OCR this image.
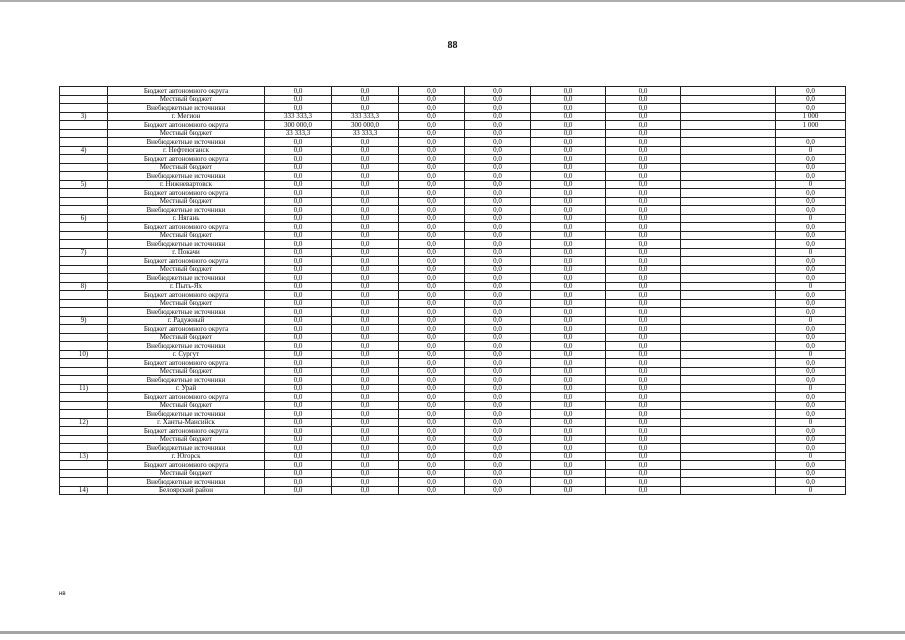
88
	Бюджет автономного округа	0,0	0,0	0,0	0,0	0,0	0,0		0,0
	Местный бюджет	0,0	0,0	0,0	0,0	0,0	0,0		0,0
	Внебюджетные источники	0,0	0,0	0,0	0,0	0,0	0,0		0,0
3)	г. Мегион	333 333,3	333 333,3	0,0	0,0	0,0	0,0		1 000
	Бюджет автономного округа	300 000,0	300 000,0	0,0	0,0	0,0	0,0		1 000
	Местный бюджет	33 333,3	33 333,3	0,0	0,0	0,0	0,0		
	Внебюджетные источники	0,0	0,0	0,0	0,0	0,0	0,0		0,0
4)	г. Нефтеюганск	0,0	0,0	0,0	0,0	0,0	0,0		0
	Бюджет автономного округа	0,0	0,0	0,0	0,0	0,0	0,0		0,0
	Местный бюджет	0,0	0,0	0,0	0,0	0,0	0,0		0,0
	Внебюджетные источники	0,0	0,0	0,0	0,0	0,0	0,0		0,0
5)	г. Нижневартовск	0,0	0,0	0,0	0,0	0,0	0,0		0
	Бюджет автономного округа	0,0	0,0	0,0	0,0	0,0	0,0		0,0
	Местный бюджет	0,0	0,0	0,0	0,0	0,0	0,0		0,0
	Внебюджетные источники	0,0	0,0	0,0	0,0	0,0	0,0		0,0
6)	г. Нягань	0,0	0,0	0,0	0,0	0,0	0,0		0
	Бюджет автономного округа	0,0	0,0	0,0	0,0	0,0	0,0		0,0
	Местный бюджет	0,0	0,0	0,0	0,0	0,0	0,0		0,0
	Внебюджетные источники	0,0	0,0	0,0	0,0	0,0	0,0		0,0
7)	г. Покачи	0,0	0,0	0,0	0,0	0,0	0,0		0
	Бюджет автономного округа	0,0	0,0	0,0	0,0	0,0	0,0		0,0
	Местный бюджет	0,0	0,0	0,0	0,0	0,0	0,0		0,0
	Внебюджетные источники	0,0	0,0	0,0	0,0	0,0	0,0		0,0
8)	г. Пыть-Ях	0,0	0,0	0,0	0,0	0,0	0,0		0
	Бюджет автономного округа	0,0	0,0	0,0	0,0	0,0	0,0		0,0
	Местный бюджет	0,0	0,0	0,0	0,0	0,0	0,0		0,0
	Внебюджетные источники	0,0	0,0	0,0	0,0	0,0	0,0		0,0
9)	г. Радужный	0,0	0,0	0,0	0,0	0,0	0,0		0
	Бюджет автономного округа	0,0	0,0	0,0	0,0	0,0	0,0		0,0
	Местный бюджет	0,0	0,0	0,0	0,0	0,0	0,0		0,0
	Внебюджетные источники	0,0	0,0	0,0	0,0	0,0	0,0		0,0
10)	г. Сургут	0,0	0,0	0,0	0,0	0,0	0,0		0
	Бюджет автономного округа	0,0	0,0	0,0	0,0	0,0	0,0		0,0
	Местный бюджет	0,0	0,0	0,0	0,0	0,0	0,0		0,0
	Внебюджетные источники	0,0	0,0	0,0	0,0	0,0	0,0		0,0
11)	г. Урай	0,0	0,0	0,0	0,0	0,0	0,0		0
	Бюджет автономного округа	0,0	0,0	0,0	0,0	0,0	0,0		0,0
	Местный бюджет	0,0	0,0	0,0	0,0	0,0	0,0		0,0
	Внебюджетные источники	0,0	0,0	0,0	0,0	0,0	0,0		0,0
12)	г. Ханты-Мансийск	0,0	0,0	0,0	0,0	0,0	0,0		0
	Бюджет автономного округа	0,0	0,0	0,0	0,0	0,0	0,0		0,0
	Местный бюджет	0,0	0,0	0,0	0,0	0,0	0,0		0,0
	Внебюджетные источники	0,0	0,0	0,0	0,0	0,0	0,0		0,0
13)	г. Югорск	0,0	0,0	0,0	0,0	0,0	0,0		0
	Бюджет автономного округа	0,0	0,0	0,0	0,0	0,0	0,0		0,0
	Местный бюджет	0,0	0,0	0,0	0,0	0,0	0,0		0,0
	Внебюджетные источники	0,0	0,0	0,0	0,0	0,0	0,0		0,0
14)	Белоярский район	0,0	0,0	0,0	0,0	0,0	0,0		0
нв
